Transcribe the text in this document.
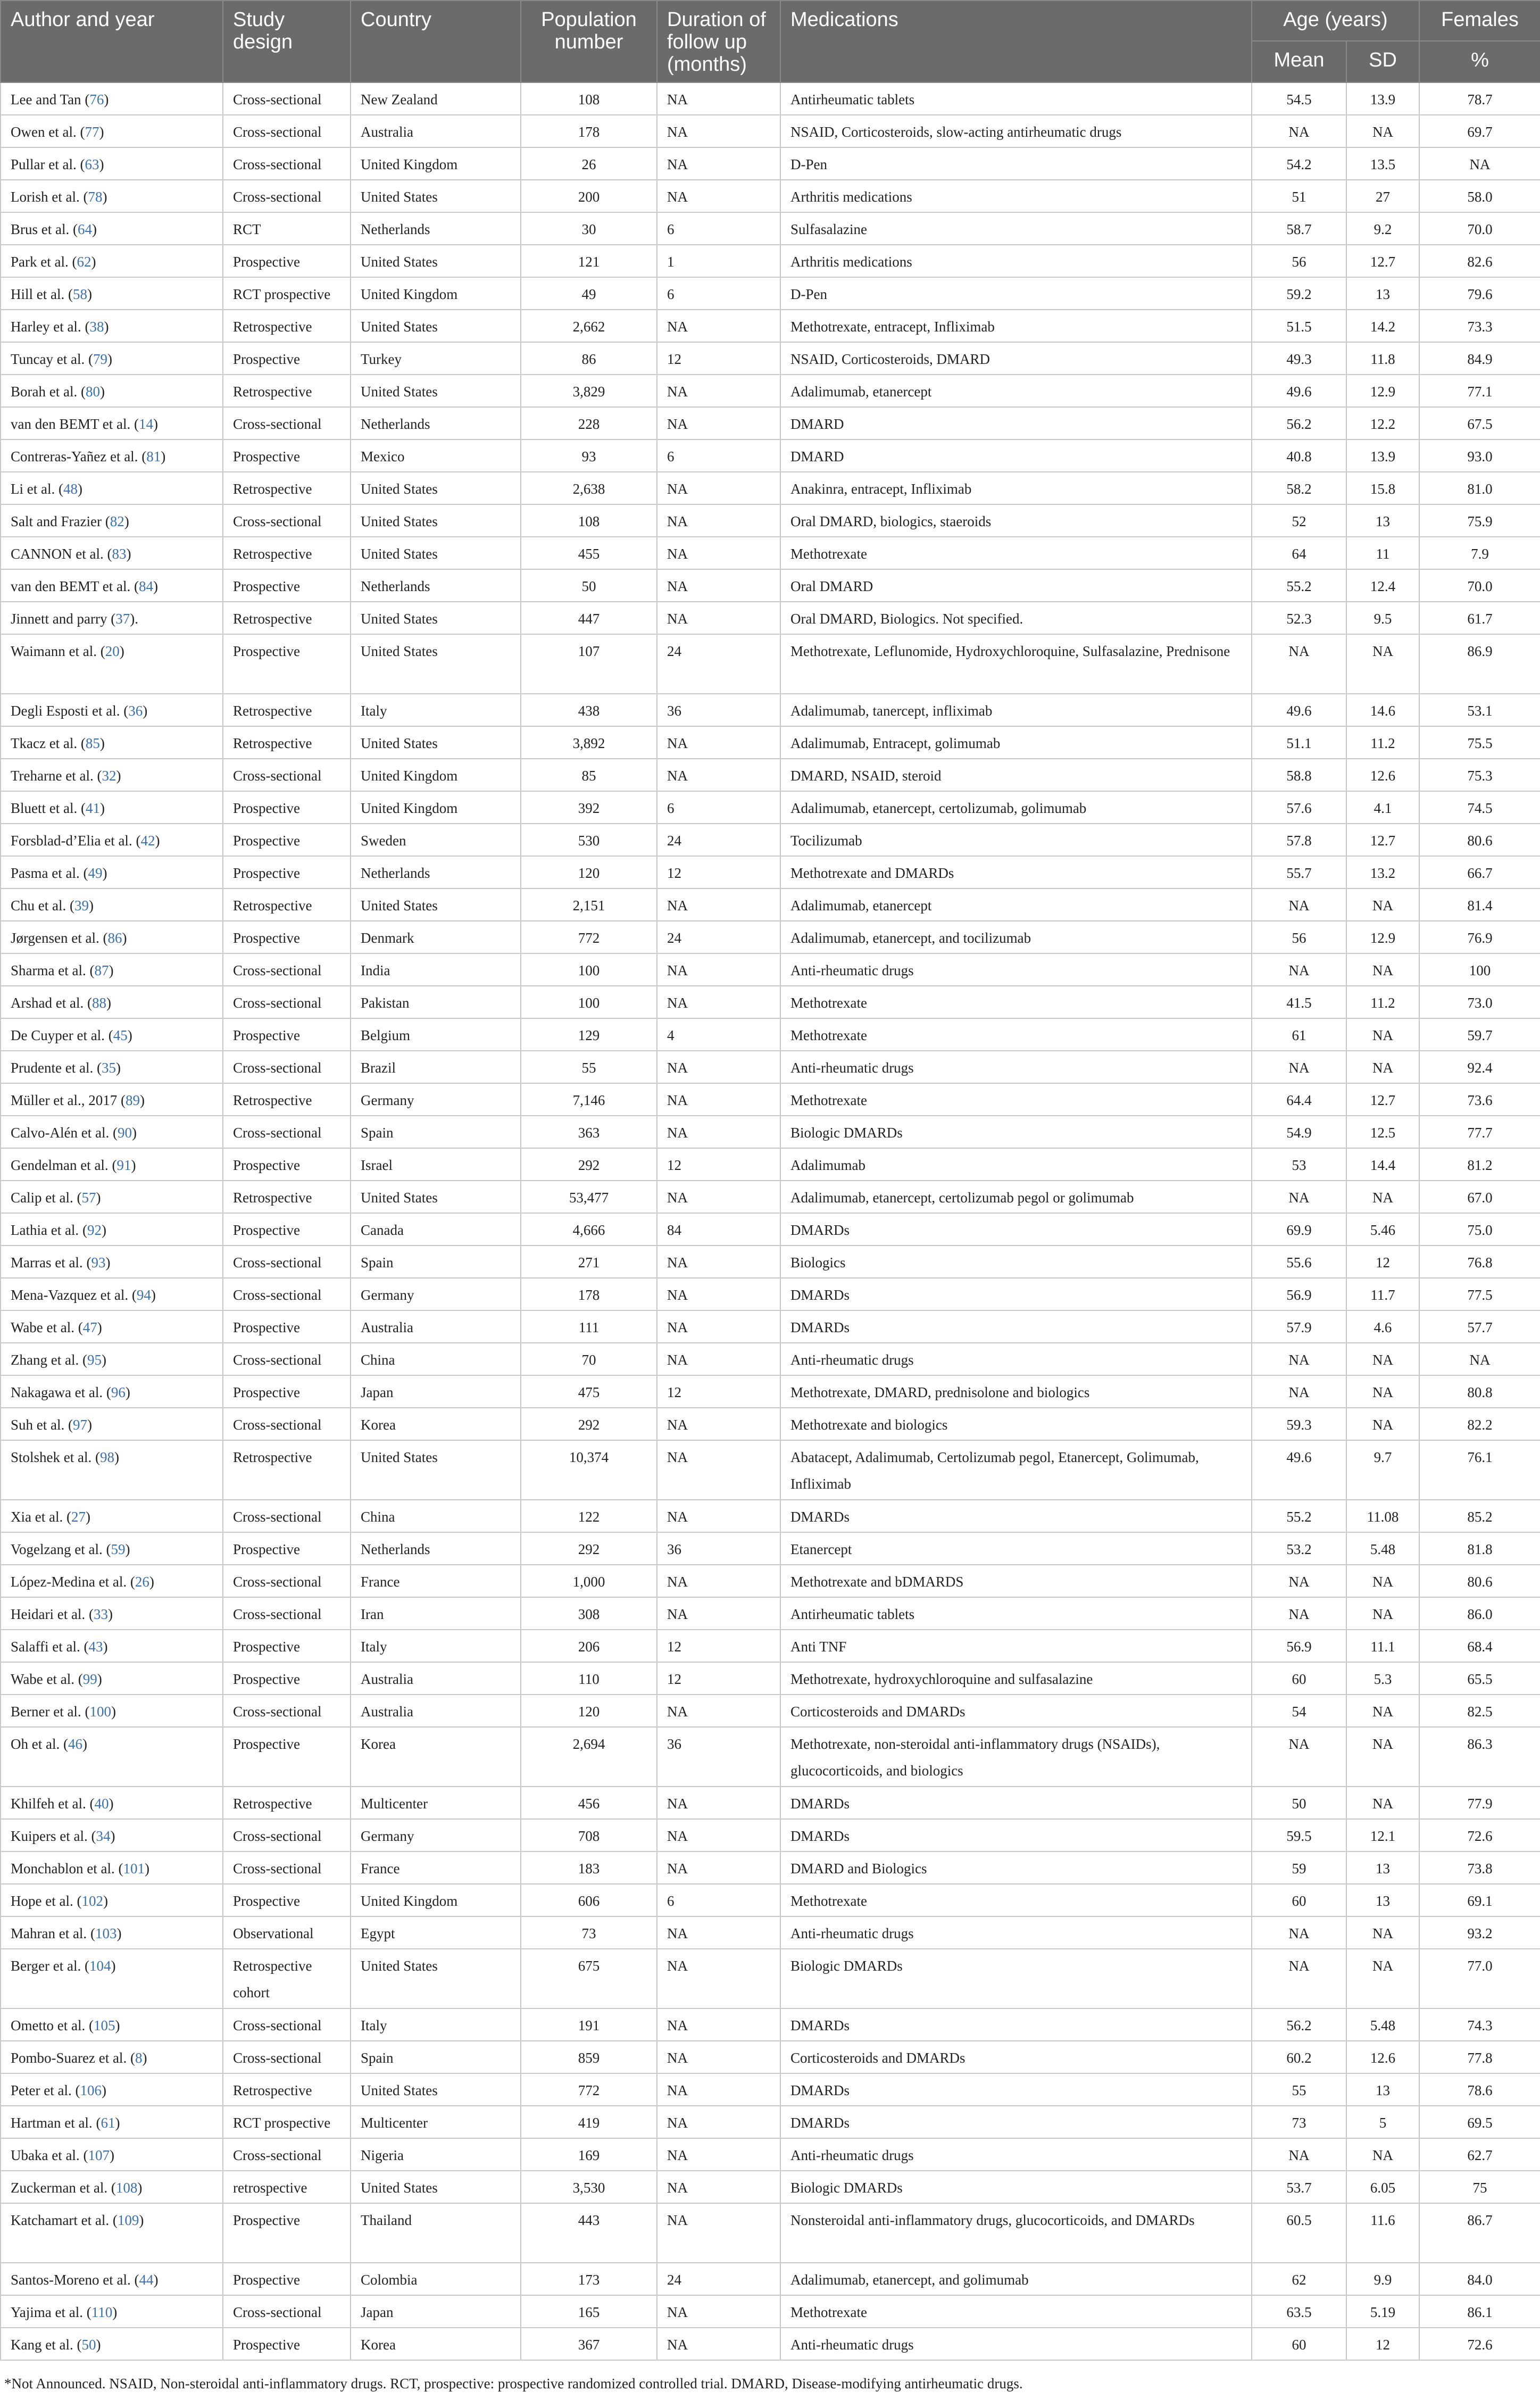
Author and year	Study design	Country	Population number	Duration of follow up (months)	Medications	Age (years)		Females
						Mean	SD	%
Lee and Tan (76)	Cross-sectional	New Zealand	108	NA	Antirheumatic tablets	54.5	13.9	78.7
Owen et al. (77)	Cross-sectional	Australia	178	NA	NSAID, Corticosteroids, slow-acting antirheumatic drugs	NA	NA	69.7
Pullar et al. (63)	Cross-sectional	United Kingdom	26	NA	D-Pen	54.2	13.5	NA
Lorish et al. (78)	Cross-sectional	United States	200	NA	Arthritis medications	51	27	58.0
Brus et al. (64)	RCT	Netherlands	30	6	Sulfasalazine	58.7	9.2	70.0
Park et al. (62)	Prospective	United States	121	1	Arthritis medications	56	12.7	82.6
Hill et al. (58)	RCT prospective	United Kingdom	49	6	D-Pen	59.2	13	79.6
Harley et al. (38)	Retrospective	United States	2,662	NA	Methotrexate, entracept, Infliximab	51.5	14.2	73.3
Tuncay et al. (79)	Prospective	Turkey	86	12	NSAID, Corticosteroids, DMARD	49.3	11.8	84.9
Borah et al. (80)	Retrospective	United States	3,829	NA	Adalimumab, etanercept	49.6	12.9	77.1
van den BEMT et al. (14)	Cross-sectional	Netherlands	228	NA	DMARD	56.2	12.2	67.5
Contreras-Yañez et al. (81)	Prospective	Mexico	93	6	DMARD	40.8	13.9	93.0
Li et al. (48)	Retrospective	United States	2,638	NA	Anakinra, entracept, Infliximab	58.2	15.8	81.0
Salt and Frazier (82)	Cross-sectional	United States	108	NA	Oral DMARD, biologics, staeroids	52	13	75.9
CANNON et al. (83)	Retrospective	United States	455	NA	Methotrexate	64	11	7.9
van den BEMT et al. (84)	Prospective	Netherlands	50	NA	Oral DMARD	55.2	12.4	70.0
Jinnett and parry (37).	Retrospective	United States	447	NA	Oral DMARD, Biologics. Not specified.	52.3	9.5	61.7
Waimann et al. (20)	Prospective	United States	107	24	Methotrexate, Leflunomide, Hydroxychloroquine, Sulfasalazine, Prednisone	NA	NA	86.9
Degli Esposti et al. (36)	Retrospective	Italy	438	36	Adalimumab, tanercept, infliximab	49.6	14.6	53.1
Tkacz et al. (85)	Retrospective	United States	3,892	NA	Adalimumab, Entracept, golimumab	51.1	11.2	75.5
Treharne et al. (32)	Cross-sectional	United Kingdom	85	NA	DMARD, NSAID, steroid	58.8	12.6	75.3
Bluett et al. (41)	Prospective	United Kingdom	392	6	Adalimumab, etanercept, certolizumab, golimumab	57.6	4.1	74.5
Forsblad-d’Elia et al. (42)	Prospective	Sweden	530	24	Tocilizumab	57.8	12.7	80.6
Pasma et al. (49)	Prospective	Netherlands	120	12	Methotrexate and DMARDs	55.7	13.2	66.7
Chu et al. (39)	Retrospective	United States	2,151	NA	Adalimumab, etanercept	NA	NA	81.4
Jørgensen et al. (86)	Prospective	Denmark	772	24	Adalimumab, etanercept, and tocilizumab	56	12.9	76.9
Sharma et al. (87)	Cross-sectional	India	100	NA	Anti-rheumatic drugs	NA	NA	100
Arshad et al. (88)	Cross-sectional	Pakistan	100	NA	Methotrexate	41.5	11.2	73.0
De Cuyper et al. (45)	Prospective	Belgium	129	4	Methotrexate	61	NA	59.7
Prudente et al. (35)	Cross-sectional	Brazil	55	NA	Anti-rheumatic drugs	NA	NA	92.4
Müller et al., 2017 (89)	Retrospective	Germany	7,146	NA	Methotrexate	64.4	12.7	73.6
Calvo-Alén et al. (90)	Cross-sectional	Spain	363	NA	Biologic DMARDs	54.9	12.5	77.7
Gendelman et al. (91)	Prospective	Israel	292	12	Adalimumab	53	14.4	81.2
Calip et al. (57)	Retrospective	United States	53,477	NA	Adalimumab, etanercept, certolizumab pegol or golimumab	NA	NA	67.0
Lathia et al. (92)	Prospective	Canada	4,666	84	DMARDs	69.9	5.46	75.0
Marras et al. (93)	Cross-sectional	Spain	271	NA	Biologics	55.6	12	76.8
Mena-Vazquez et al. (94)	Cross-sectional	Germany	178	NA	DMARDs	56.9	11.7	77.5
Wabe et al. (47)	Prospective	Australia	111	NA	DMARDs	57.9	4.6	57.7
Zhang et al. (95)	Cross-sectional	China	70	NA	Anti-rheumatic drugs	NA	NA	NA
Nakagawa et al. (96)	Prospective	Japan	475	12	Methotrexate, DMARD, prednisolone and biologics	NA	NA	80.8
Suh et al. (97)	Cross-sectional	Korea	292	NA	Methotrexate and biologics	59.3	NA	82.2
Stolshek et al. (98)	Retrospective	United States	10,374	NA	Abatacept, Adalimumab, Certolizumab pegol, Etanercept, Golimumab, Infliximab	49.6	9.7	76.1
Xia et al. (27)	Cross-sectional	China	122	NA	DMARDs	55.2	11.08	85.2
Vogelzang et al. (59)	Prospective	Netherlands	292	36	Etanercept	53.2	5.48	81.8
López-Medina et al. (26)	Cross-sectional	France	1,000	NA	Methotrexate and bDMARDS	NA	NA	80.6
Heidari et al. (33)	Cross-sectional	Iran	308	NA	Antirheumatic tablets	NA	NA	86.0
Salaffi et al. (43)	Prospective	Italy	206	12	Anti TNF	56.9	11.1	68.4
Wabe et al. (99)	Prospective	Australia	110	12	Methotrexate, hydroxychloroquine and sulfasalazine	60	5.3	65.5
Berner et al. (100)	Cross-sectional	Australia	120	NA	Corticosteroids and DMARDs	54	NA	82.5
Oh et al. (46)	Prospective	Korea	2,694	36	Methotrexate, non-steroidal anti-inflammatory drugs (NSAIDs), glucocorticoids, and biologics	NA	NA	86.3
Khilfeh et al. (40)	Retrospective	Multicenter	456	NA	DMARDs	50	NA	77.9
Kuipers et al. (34)	Cross-sectional	Germany	708	NA	DMARDs	59.5	12.1	72.6
Monchablon et al. (101)	Cross-sectional	France	183	NA	DMARD and Biologics	59	13	73.8
Hope et al. (102)	Prospective	United Kingdom	606	6	Methotrexate	60	13	69.1
Mahran et al. (103)	Observational	Egypt	73	NA	Anti-rheumatic drugs	NA	NA	93.2
Berger et al. (104)	Retrospective cohort	United States	675	NA	Biologic DMARDs	NA	NA	77.0
Ometto et al. (105)	Cross-sectional	Italy	191	NA	DMARDs	56.2	5.48	74.3
Pombo-Suarez et al. (8)	Cross-sectional	Spain	859	NA	Corticosteroids and DMARDs	60.2	12.6	77.8
Peter et al. (106)	Retrospective	United States	772	NA	DMARDs	55	13	78.6
Hartman et al. (61)	RCT prospective	Multicenter	419	NA	DMARDs	73	5	69.5
Ubaka et al. (107)	Cross-sectional	Nigeria	169	NA	Anti-rheumatic drugs	NA	NA	62.7
Zuckerman et al. (108)	retrospective	United States	3,530	NA	Biologic DMARDs	53.7	6.05	75
Katchamart et al. (109)	Prospective	Thailand	443	NA	Nonsteroidal anti-inflammatory drugs, glucocorticoids, and DMARDs	60.5	11.6	86.7
Santos-Moreno et al. (44)	Prospective	Colombia	173	24	Adalimumab, etanercept, and golimumab	62	9.9	84.0
Yajima et al. (110)	Cross-sectional	Japan	165	NA	Methotrexate	63.5	5.19	86.1
Kang et al. (50)	Prospective	Korea	367	NA	Anti-rheumatic drugs	60	12	72.6
*Not Announced. NSAID, Non-steroidal anti-inflammatory drugs. RCT, prospective: prospective randomized controlled trial. DMARD, Disease-modifying antirheumatic drugs.
